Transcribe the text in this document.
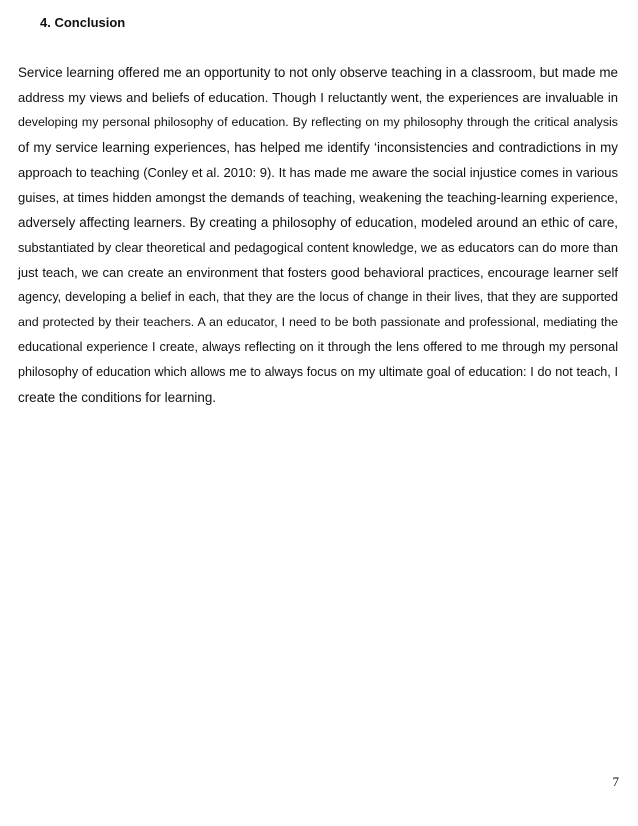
4. Conclusion
Service learning offered me an opportunity to not only observe teaching in a classroom, but made me
address my views and beliefs of education. Though I reluctantly went, the experiences are invaluable in
developing my personal philosophy of education. By reflecting on my philosophy through the critical analysis
of my service learning experiences, has helped me identify ‘inconsistencies and contradictions in my
approach to teaching (Conley et al. 2010: 9). It has made me aware the social injustice comes in various
guises, at times hidden amongst the demands of teaching, weakening the teaching-learning experience,
adversely affecting learners. By creating a philosophy of education, modeled around an ethic of care,
substantiated by clear theoretical and pedagogical content knowledge, we as educators can do more than
just teach, we can create an environment that fosters good behavioral practices, encourage learner self
agency, developing a belief in each, that they are the locus of change in their lives, that they are supported
and protected by their teachers. A an educator, I need to be both passionate and professional, mediating the
educational experience I create, always reflecting on it through the lens offered to me through my personal
philosophy of education which allows me to always focus on my ultimate goal of education: I do not teach, I
create the conditions for learning.
7
